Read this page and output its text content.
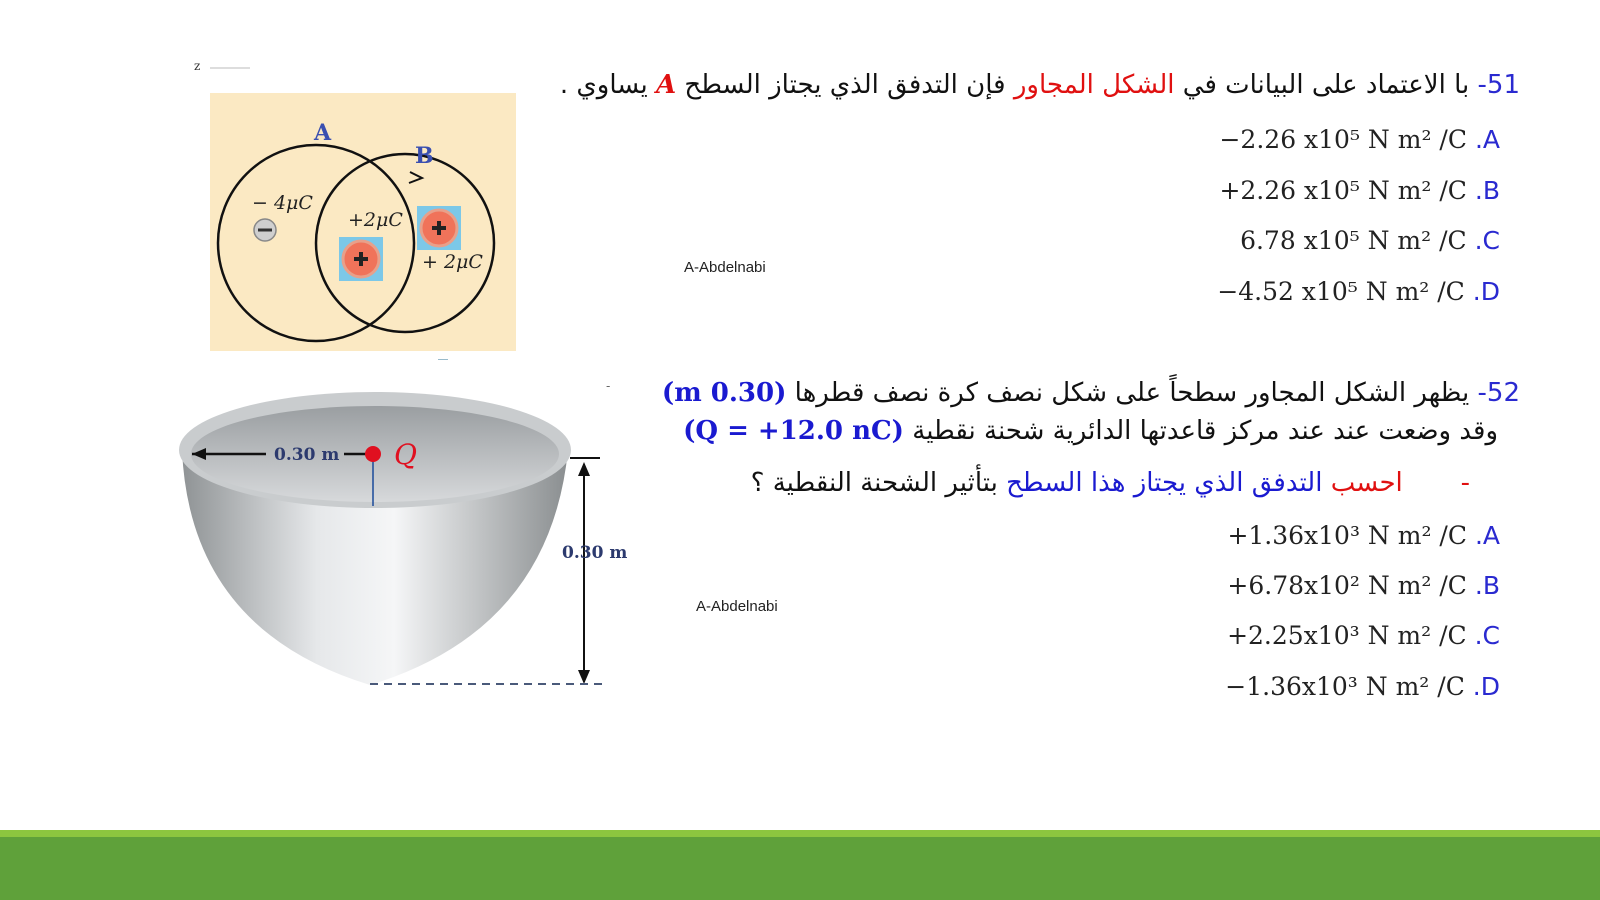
z
A
B
− 4μC
+2μC
+ 2μC
-
0.30 m Q
0.30 m
51- با الاعتماد على البيانات في الشكل المجاور فإن التدفق الذي يجتاز السطح A يساوي .
A. −2.26 x10⁵ N m² /C
B. +2.26 x10⁵ N m² /C
C. 6.78 x10⁵ N m² /C
D. −4.52 x10⁵ N m² /C
A-Abdelnabi
52- يظهر الشكل المجاور سطحاً على شكل نصف كرة نصف قطرها (0.30 m)
وقد وضعت عند عند مركز قاعدتها الدائرية شحنة نقطية (Q = +12.0 nC)
-       احسب التدفق الذي يجتاز هذا السطح بتأثير الشحنة النقطية ؟
A. +1.36x10³ N m² /C
B. +6.78x10² N m² /C
C. +2.25x10³ N m² /C
D. −1.36x10³ N m² /C
A-Abdelnabi
